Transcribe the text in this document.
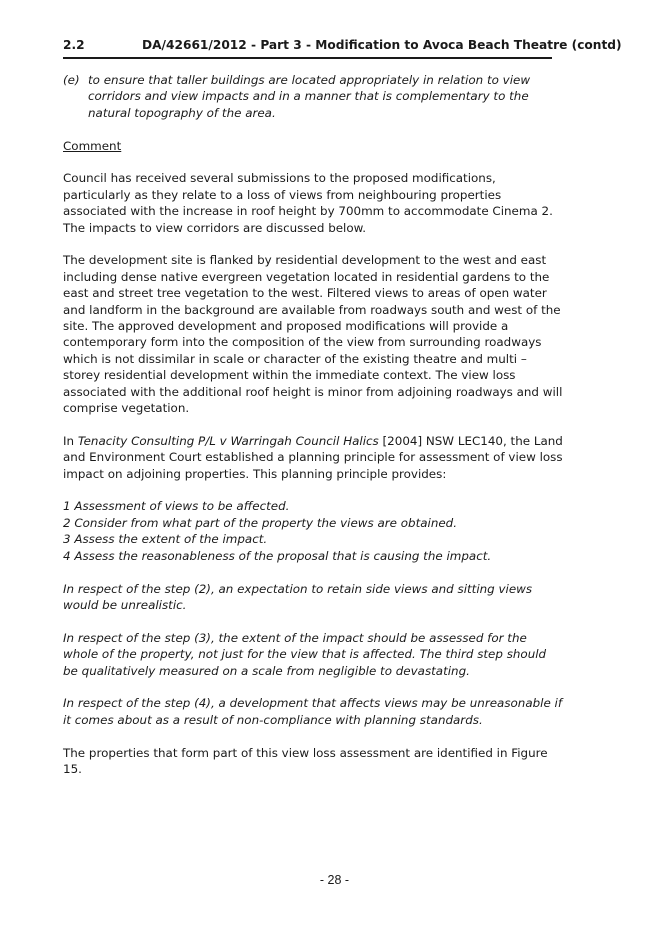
2.2	DA/42661/2012 - Part 3 - Modification to Avoca Beach Theatre (contd)
(e) to ensure that taller buildings are located appropriately in relation to view corridors and view impacts and in a manner that is complementary to the natural topography of the area.

Comment

Council has received several submissions to the proposed modifications, particularly as they relate to a loss of views from neighbouring properties associated with the increase in roof height by 700mm to accommodate Cinema 2. The impacts to view corridors are discussed below.

The development site is flanked by residential development to the west and east including dense native evergreen vegetation located in residential gardens to the east and street tree vegetation to the west. Filtered views to areas of open water and landform in the background are available from roadways south and west of the site. The approved development and proposed modifications will provide a contemporary form into the composition of the view from surrounding roadways which is not dissimilar in scale or character of the existing theatre and multi – storey residential development within the immediate context. The view loss associated with the additional roof height is minor from adjoining roadways and will comprise vegetation.

In Tenacity Consulting P/L v Warringah Council Halics [2004] NSW LEC140, the Land and Environment Court established a planning principle for assessment of view loss impact on adjoining properties. This planning principle provides:

1 Assessment of views to be affected.
2 Consider from what part of the property the views are obtained.
3 Assess the extent of the impact.
4 Assess the reasonableness of the proposal that is causing the impact.

In respect of the step (2), an expectation to retain side views and sitting views would be unrealistic.

In respect of the step (3), the extent of the impact should be assessed for the whole of the property, not just for the view that is affected. The third step should be qualitatively measured on a scale from negligible to devastating.

In respect of the step (4), a development that affects views may be unreasonable if it comes about as a result of non-compliance with planning standards.

The properties that form part of this view loss assessment are identified in Figure 15.

- 28 -
